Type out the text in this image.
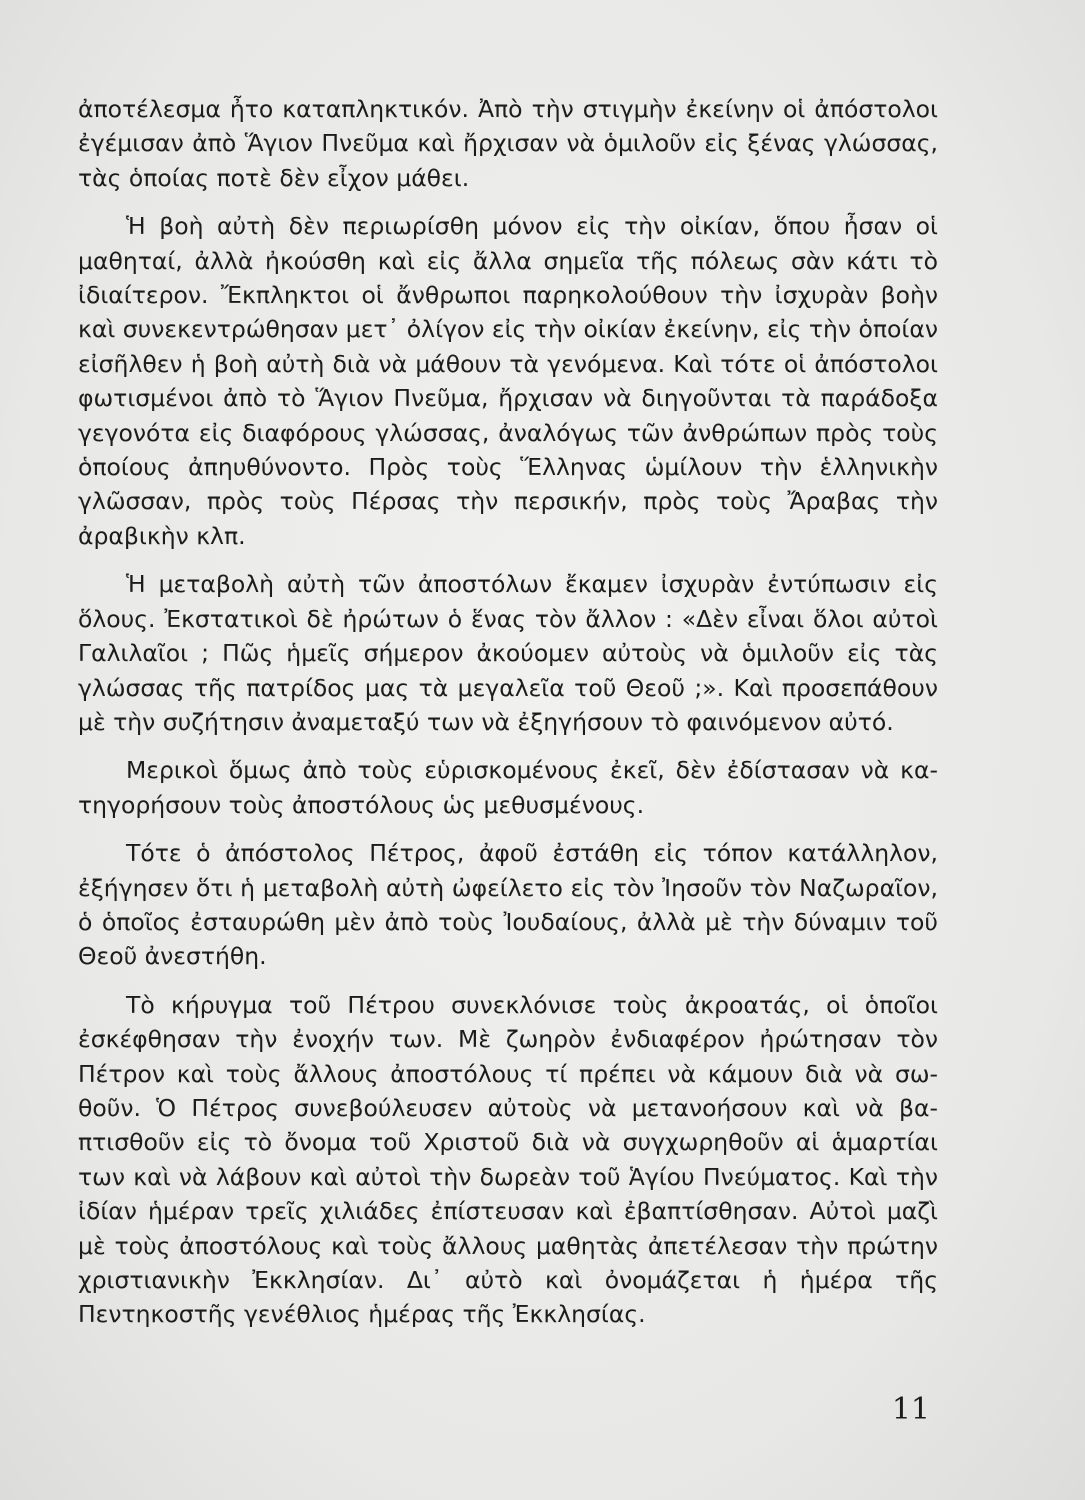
ἀποτέλεσμα ἦτο καταπληκτικόν. Ἀπὸ τὴν στιγμὴν ἐκείνην οἱ ἀπόστολοι ἐγέμισαν ἀπὸ Ἅγιον Πνεῦμα καὶ ἤρχισαν νὰ ὁμιλοῦν εἰς ξένας γλώσσας, τὰς ὁποίας ποτὲ δὲν εἶχον μάθει.

Ἡ βοὴ αὐτὴ δὲν περιωρίσθη μόνον εἰς τὴν οἰκίαν, ὅπου ἦσαν οἱ μαθηταί, ἀλλὰ ἠκούσθη καὶ εἰς ἄλλα σημεῖα τῆς πόλεως σὰν κάτι τὸ ἰδιαίτερον. Ἔκπληκτοι οἱ ἄνθρωποι παρηκολούθουν τὴν ἰσχυρὰν βοὴν καὶ συνεκεντρώθησαν μετ᾽ ὀλίγον εἰς τὴν οἰκίαν ἐκείνην, εἰς τὴν ὁποίαν εἰσῆλθεν ἡ βοὴ αὐτὴ διὰ νὰ μάθουν τὰ γενόμενα. Καὶ τότε οἱ ἀπόστολοι φωτισμένοι ἀπὸ τὸ Ἅγιον Πνεῦμα, ἤρχισαν νὰ διηγοῦνται τὰ παράδοξα γεγονότα εἰς διαφόρους γλώσσας, ἀναλόγως τῶν ἀνθρώπων πρὸς τοὺς ὁποίους ἀπηυθύνοντο. Πρὸς τοὺς Ἕλληνας ὡμίλουν τὴν ἑλληνικὴν γλῶσσαν, πρὸς τοὺς Πέρσας τὴν περσικήν, πρὸς τοὺς Ἄραβας τὴν ἀραβικὴν κλπ.

Ἡ μεταβολὴ αὐτὴ τῶν ἀποστόλων ἔκαμεν ἰσχυρὰν ἐντύπωσιν εἰς ὅλους. Ἐκστατικοὶ δὲ ἠρώτων ὁ ἕνας τὸν ἄλλον : «Δὲν εἶναι ὅλοι αὐτοὶ Γαλιλαῖοι ; Πῶς ἡμεῖς σήμερον ἀκούομεν αὐτοὺς νὰ ὁμιλοῦν εἰς τὰς γλώσσας τῆς πατρίδος μας τὰ μεγαλεῖα τοῦ Θεοῦ ;». Καὶ προσεπάθουν μὲ τὴν συζήτησιν ἀναμεταξύ των νὰ ἐξηγήσουν τὸ φαινόμενον αὐτό.

Μερικοὶ ὅμως ἀπὸ τοὺς εὑρισκομένους ἐκεῖ, δὲν ἐδίστασαν νὰ κατηγορήσουν τοὺς ἀποστόλους ὡς μεθυσμένους.

Τότε ὁ ἀπόστολος Πέτρος, ἀφοῦ ἐστάθη εἰς τόπον κατάλληλον, ἐξήγησεν ὅτι ἡ μεταβολὴ αὐτὴ ὠφείλετο εἰς τὸν Ἰησοῦν τὸν Ναζωραῖον, ὁ ὁποῖος ἐσταυρώθη μὲν ἀπὸ τοὺς Ἰουδαίους, ἀλλὰ μὲ τὴν δύναμιν τοῦ Θεοῦ ἀνεστήθη.

Τὸ κήρυγμα τοῦ Πέτρου συνεκλόνισε τοὺς ἀκροατάς, οἱ ὁποῖοι ἐσκέφθησαν τὴν ἐνοχήν των. Μὲ ζωηρὸν ἐνδιαφέρον ἠρώτησαν τὸν Πέτρον καὶ τοὺς ἄλλους ἀποστόλους τί πρέπει νὰ κάμουν διὰ νὰ σωθοῦν. Ὁ Πέτρος συνεβούλευσεν αὐτοὺς νὰ μετανοήσουν καὶ νὰ βαπτισθοῦν εἰς τὸ ὄνομα τοῦ Χριστοῦ διὰ νὰ συγχωρηθοῦν αἱ ἁμαρτίαι των καὶ νὰ λάβουν καὶ αὐτοὶ τὴν δωρεὰν τοῦ Ἁγίου Πνεύματος. Καὶ τὴν ἰδίαν ἡμέραν τρεῖς χιλιάδες ἐπίστευσαν καὶ ἐβαπτίσθησαν. Αὐτοὶ μαζὶ μὲ τοὺς ἀποστόλους καὶ τοὺς ἄλλους μαθητὰς ἀπετέλεσαν τὴν πρώτην χριστιανικὴν Ἐκκλησίαν. Δι᾽ αὐτὸ καὶ ὀνομάζεται ἡ ἡμέρα τῆς Πεντηκοστῆς γενέθλιος ἡμέρας τῆς Ἐκκλησίας.

11
